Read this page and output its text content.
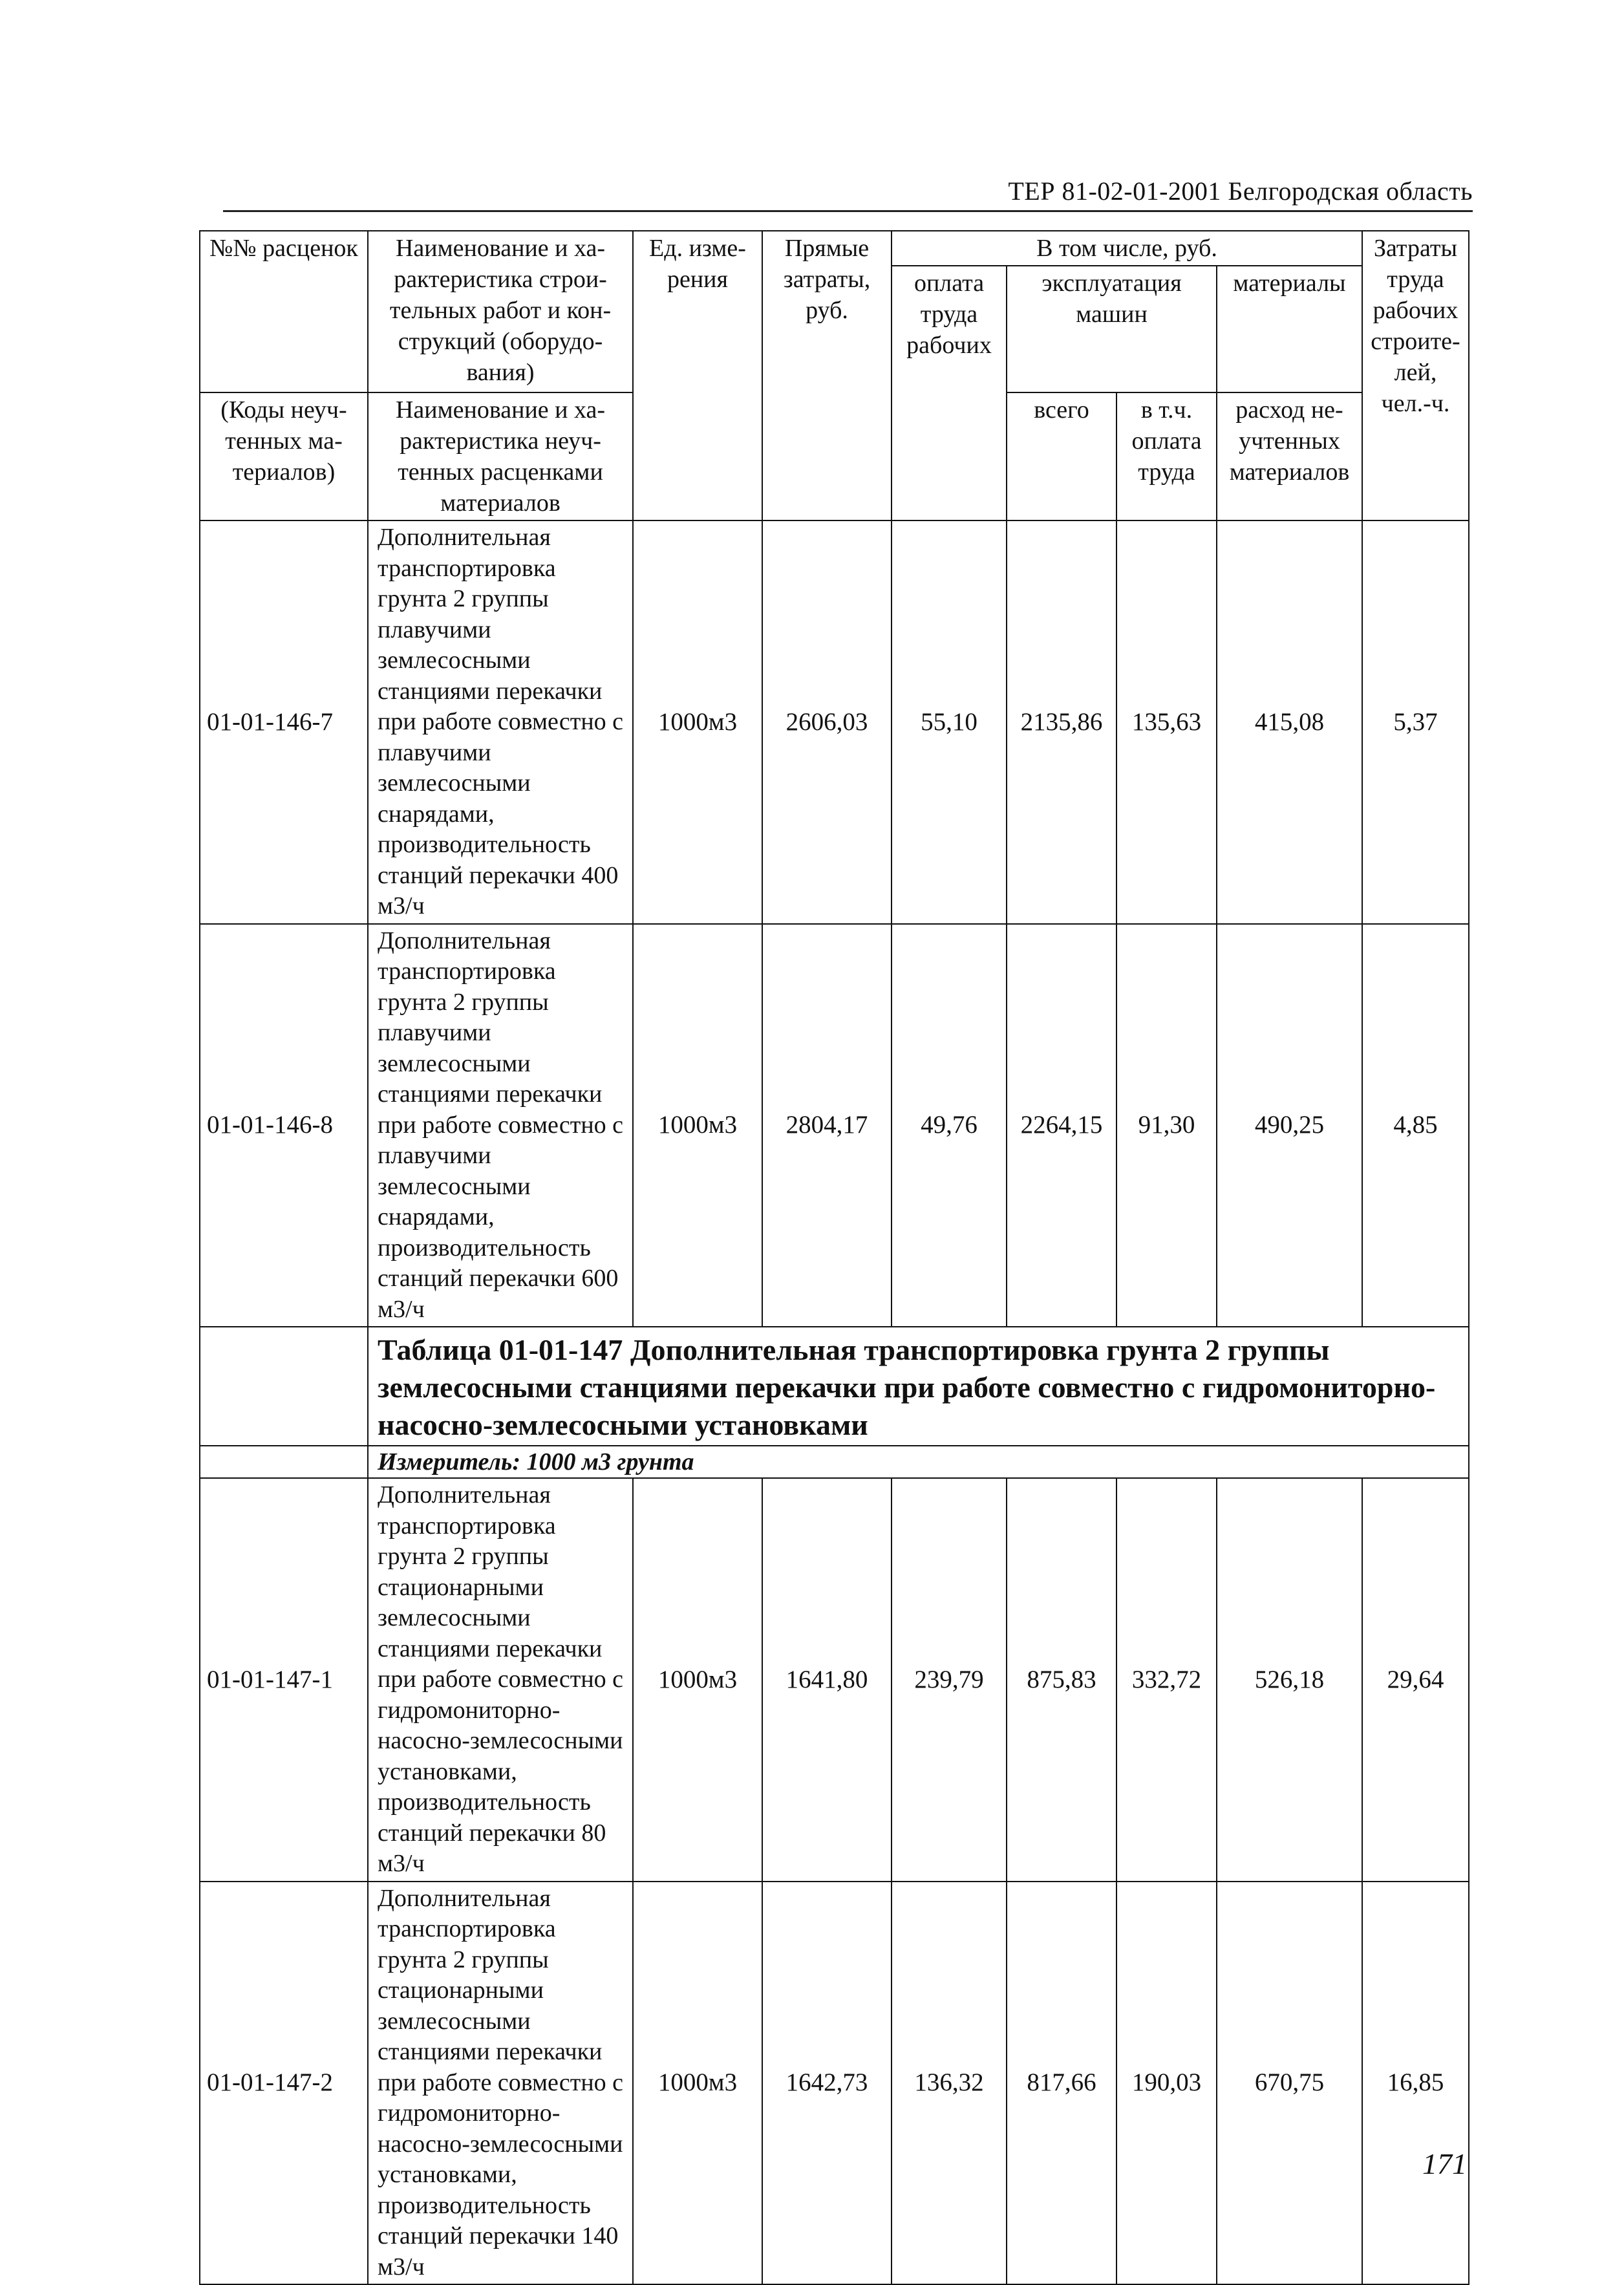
ТЕР 81-02-01-2001 Белгородская область
№№ расценок	Наименование и ха-рактеристика строи-тельных работ и кон-струкций (оборудо-вания)	Ед. изме-рения	Прямые затраты, руб.	В том числе, руб.				Затраты труда рабочих строите-лей, чел.-ч.
				оплата труда рабочих	эксплуатация машин		материалы	

(Коды неуч-тенных ма-териалов)	Наименование и ха-рактеристика неуч-тенных расценками материалов				всего	в т.ч. оплата труда	расход не-учтенных материалов	

01-01-146-7	Дополнительная транспортировка грунта 2 группы плавучими землесосными станциями перекачки при работе совместно с плавучими землесосными снарядами, производительность станций перекачки 400 м3/ч	1000м3	2606,03	55,10	2135,86	135,63	415,08	5,37
01-01-146-8	Дополнительная транспортировка грунта 2 группы плавучими землесосными станциями перекачки при работе совместно с плавучими землесосными снарядами, производительность станций перекачки 600 м3/ч	1000м3	2804,17	49,76	2264,15	91,30	490,25	4,85
	Таблица 01-01-147 Дополнительная транспортировка грунта 2 группы землесосными станциями перекачки при работе совместно с гидромониторно-насосно-землесосными установками							
	Измеритель: 1000 м3 грунта							
01-01-147-1	Дополнительная транспортировка грунта 2 группы стационарными землесосными станциями перекачки при работе совместно с гидромониторно-насосно-землесосными установками, производительность станций перекачки 80 м3/ч	1000м3	1641,80	239,79	875,83	332,72	526,18	29,64
01-01-147-2	Дополнительная транспортировка грунта 2 группы стационарными землесосными станциями перекачки при работе совместно с гидромониторно-насосно-землесосными установками, производительность станций перекачки 140 м3/ч	1000м3	1642,73	136,32	817,66	190,03	670,75	16,85
171
